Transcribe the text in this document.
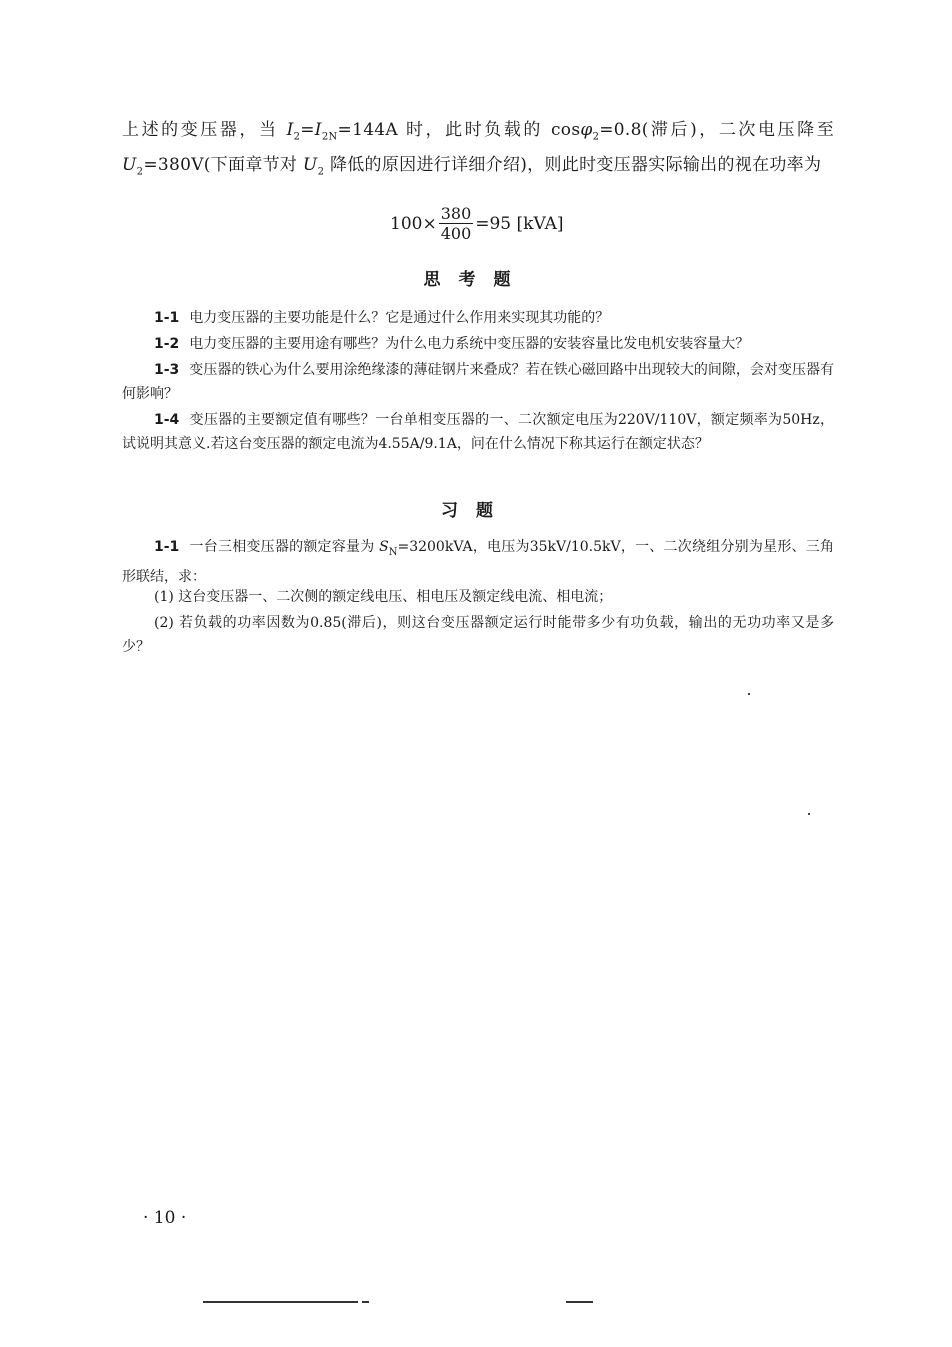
上述的变压器，当 $I_2=I_{2N}=144A$ 时，此时负载的 cosφ$_2$=0.8(滞后)，二次电压降至 $U_2=380V$(下面章节对 $U_2$ 降低的原因进行详细介绍)，则此时变压器实际输出的视在功率为
$100\times \frac{380}{400} =95$ [kVA]
思考题
1-1 电力变压器的主要功能是什么？它是通过什么作用来实现其功能的？
1-2 电力变压器的主要用途有哪些？为什么电力系统中变压器的安装容量比发电机安装容量大？
1-3 变压器的铁心为什么要用涂绝缘漆的薄硅钢片来叠成？若在铁心磁回路中出现较大的间隙，会对变压器有何影响？
1-4 变压器的主要额定值有哪些？一台单相变压器的一、二次额定电压为220V/110V，额定频率为50Hz，试说明其意义.若这台变压器的额定电流为4.55A/9.1A，问在什么情况下称其运行在额定状态？
习题
1-1 一台三相变压器的额定容量为 $S_N=3200kVA$，电压为35kV/10.5kV，一、二次绕组分别为星形、三角形联结，求：
(1) 这台变压器一、二次侧的额定线电压、相电压及额定线电流、相电流；
(2) 若负载的功率因数为0.85(滞后)，则这台变压器额定运行时能带多少有功负载，输出的无功功率又是多少？
· 10 ·
